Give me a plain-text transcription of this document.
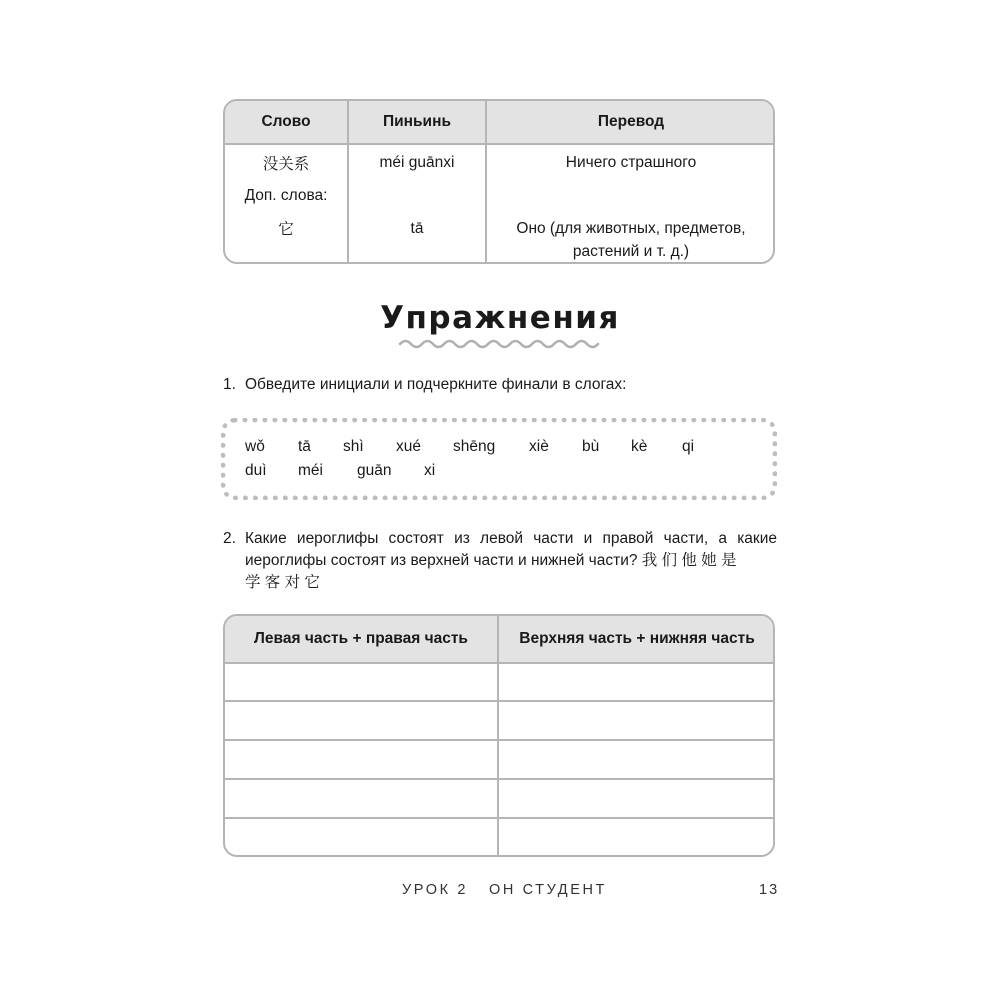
Слово	Пиньинь	Перевод
没关系	méi guānxi	Ничего страшного
Доп. слова:
它	tā	Оно (для животных, предметов,
растений и т. д.)
Упражнения
1. Обведите инициали и подчеркните финали в слогах:
wǒ tā shì xué shēng xiè bù kè qi
duì méi guān xi
2. Какие иероглифы состоят из левой части и правой части, а какие
иероглифы состоят из верхней части и нижней части? 我 们 他 她 是
学 客 对 它
Левая часть + правая часть	Верхняя часть + нижняя часть
УРОК 2 ОН СТУДЕНТ	13
